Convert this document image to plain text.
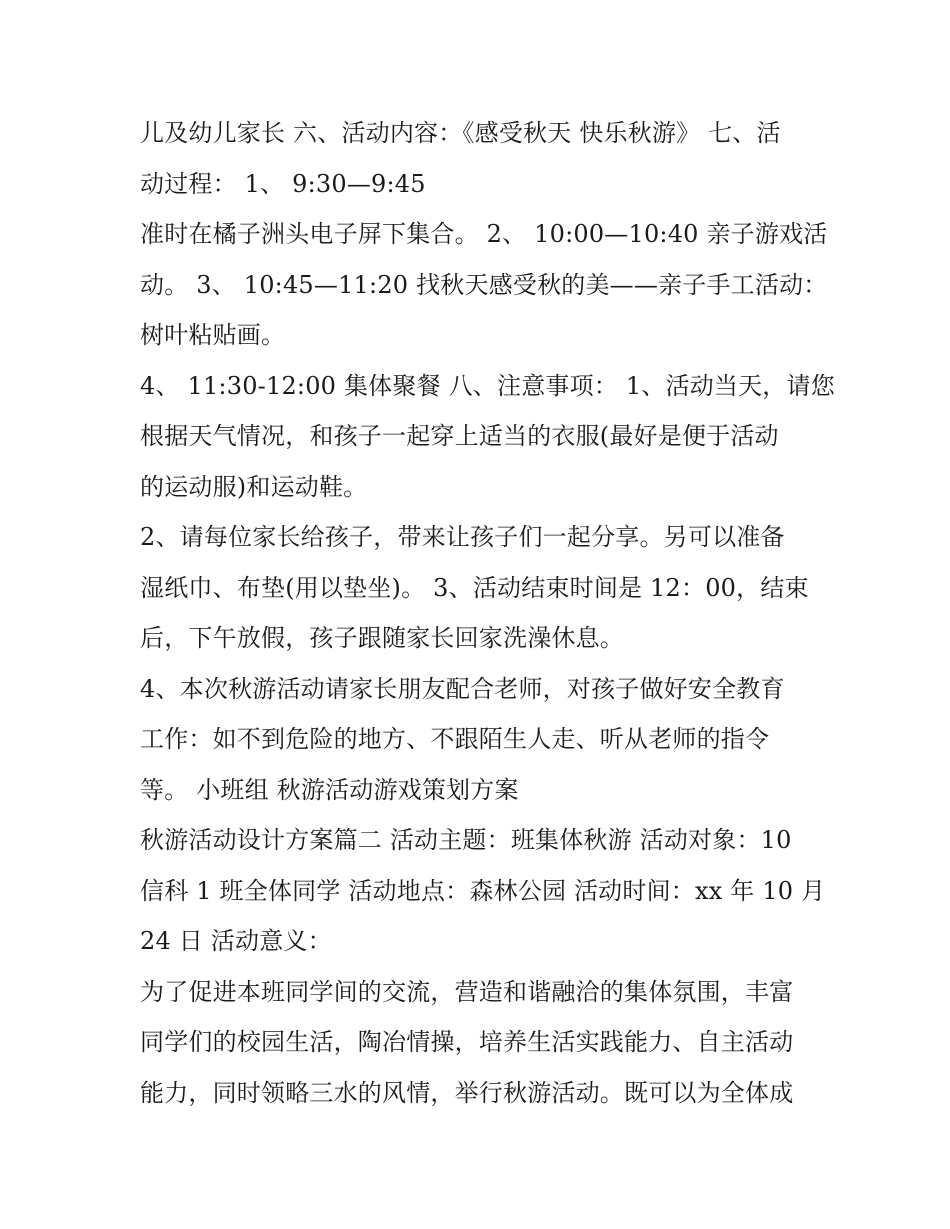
儿及幼儿家长 六、活动内容：《感受秋天 快乐秋游》 七、活

动过程： 1、 9:30—9:45

准时在橘子洲头电子屏下集合。 2、 10:00—10:40 亲子游戏活

动。 3、 10:45—11:20 找秋天感受秋的美——亲子手工活动：

树叶粘贴画。

4、 11:30-12:00 集体聚餐 八、注意事项： 1、活动当天，请您

根据天气情况，和孩子一起穿上适当的衣服(最好是便于活动

的运动服)和运动鞋。

2、请每位家长给孩子，带来让孩子们一起分享。另可以准备

湿纸巾、布垫(用以垫坐)。 3、活动结束时间是 12：00，结束

后，下午放假，孩子跟随家长回家洗澡休息。

4、本次秋游活动请家长朋友配合老师，对孩子做好安全教育

工作：如不到危险的地方、不跟陌生人走、听从老师的指令

等。 小班组 秋游活动游戏策划方案

秋游活动设计方案篇二 活动主题：班集体秋游 活动对象：10

信科 1 班全体同学 活动地点：森林公园 活动时间：xx 年 10 月

24 日 活动意义：

为了促进本班同学间的交流，营造和谐融洽的集体氛围，丰富

同学们的校园生活，陶冶情操，培养生活实践能力、自主活动

能力，同时领略三水的风情，举行秋游活动。既可以为全体成
